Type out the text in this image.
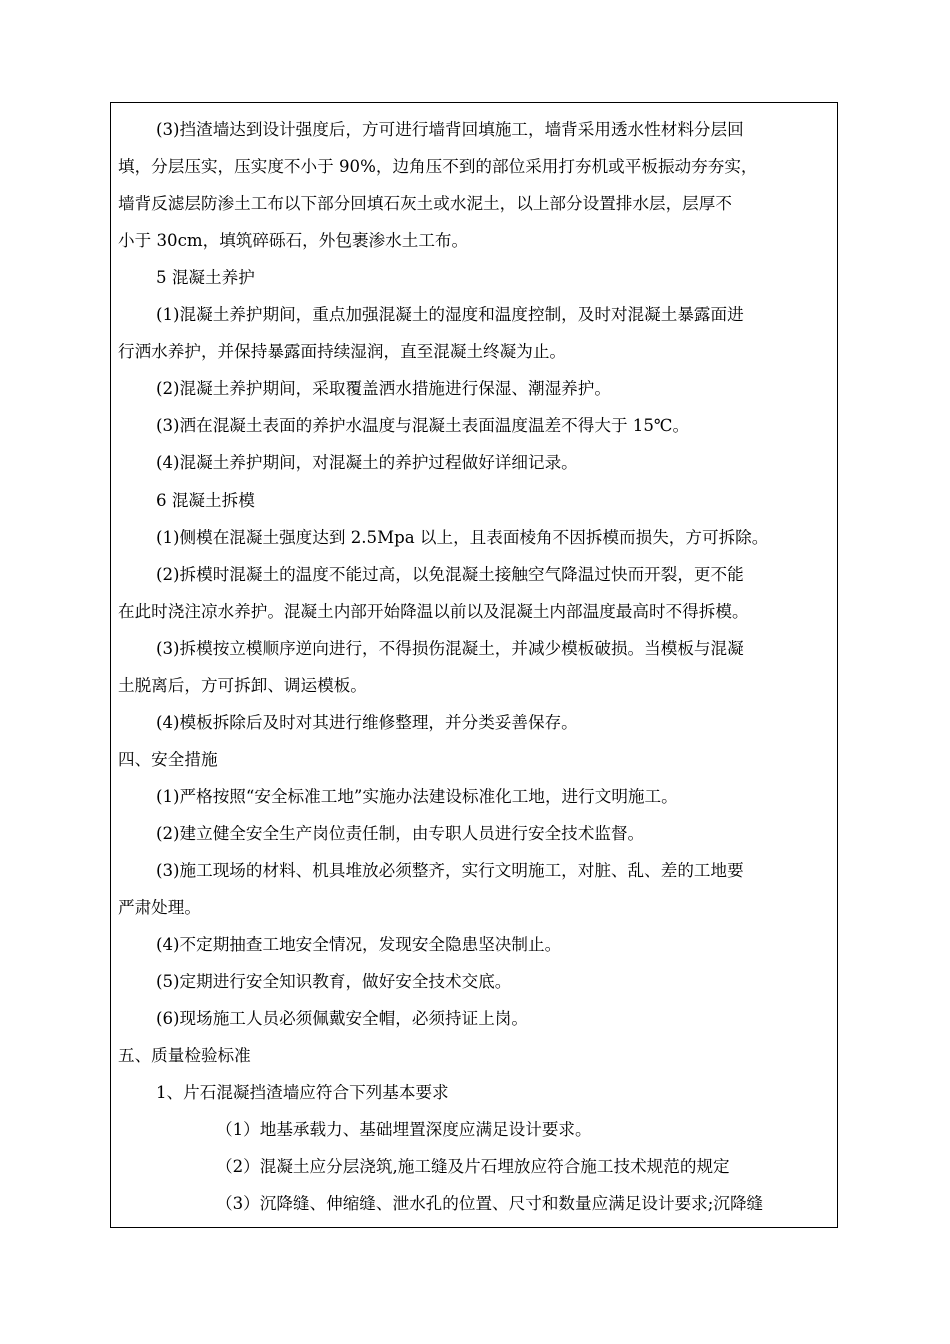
(3)挡渣墙达到设计强度后，方可进行墙背回填施工，墙背采用透水性材料分层回
填，分层压实，压实度不小于 90%，边角压不到的部位采用打夯机或平板振动夯夯实，
墙背反滤层防渗土工布以下部分回填石灰土或水泥土，以上部分设置排水层，层厚不
小于 30cm，填筑碎砾石，外包裹渗水土工布。
5 混凝土养护
(1)混凝土养护期间，重点加强混凝土的湿度和温度控制，及时对混凝土暴露面进
行洒水养护，并保持暴露面持续湿润，直至混凝土终凝为止。
(2)混凝土养护期间，采取覆盖洒水措施进行保湿、潮湿养护。
(3)洒在混凝土表面的养护水温度与混凝土表面温度温差不得大于 15℃。
(4)混凝土养护期间，对混凝土的养护过程做好详细记录。
6 混凝土拆模
(1)侧模在混凝土强度达到 2.5Mpa 以上，且表面棱角不因拆模而损失，方可拆除。
(2)拆模时混凝土的温度不能过高，以免混凝土接触空气降温过快而开裂，更不能
在此时浇注凉水养护。混凝土内部开始降温以前以及混凝土内部温度最高时不得拆模。
(3)拆模按立模顺序逆向进行，不得损伤混凝土，并减少模板破损。当模板与混凝
土脱离后，方可拆卸、调运模板。
(4)模板拆除后及时对其进行维修整理，并分类妥善保存。
四、安全措施
(1)严格按照“安全标准工地”实施办法建设标准化工地，进行文明施工。
(2)建立健全安全生产岗位责任制，由专职人员进行安全技术监督。
(3)施工现场的材料、机具堆放必须整齐，实行文明施工，对脏、乱、差的工地要
严肃处理。
(4)不定期抽查工地安全情况，发现安全隐患坚决制止。
(5)定期进行安全知识教育，做好安全技术交底。
(6)现场施工人员必须佩戴安全帽，必须持证上岗。
五、质量检验标准
1、片石混凝挡渣墙应符合下列基本要求
（1）地基承载力、基础埋置深度应满足设计要求。
（2）混凝土应分层浇筑,施工缝及片石埋放应符合施工技术规范的规定
（3）沉降缝、伸缩缝、泄水孔的位置、尺寸和数量应满足设计要求;沉降缝
